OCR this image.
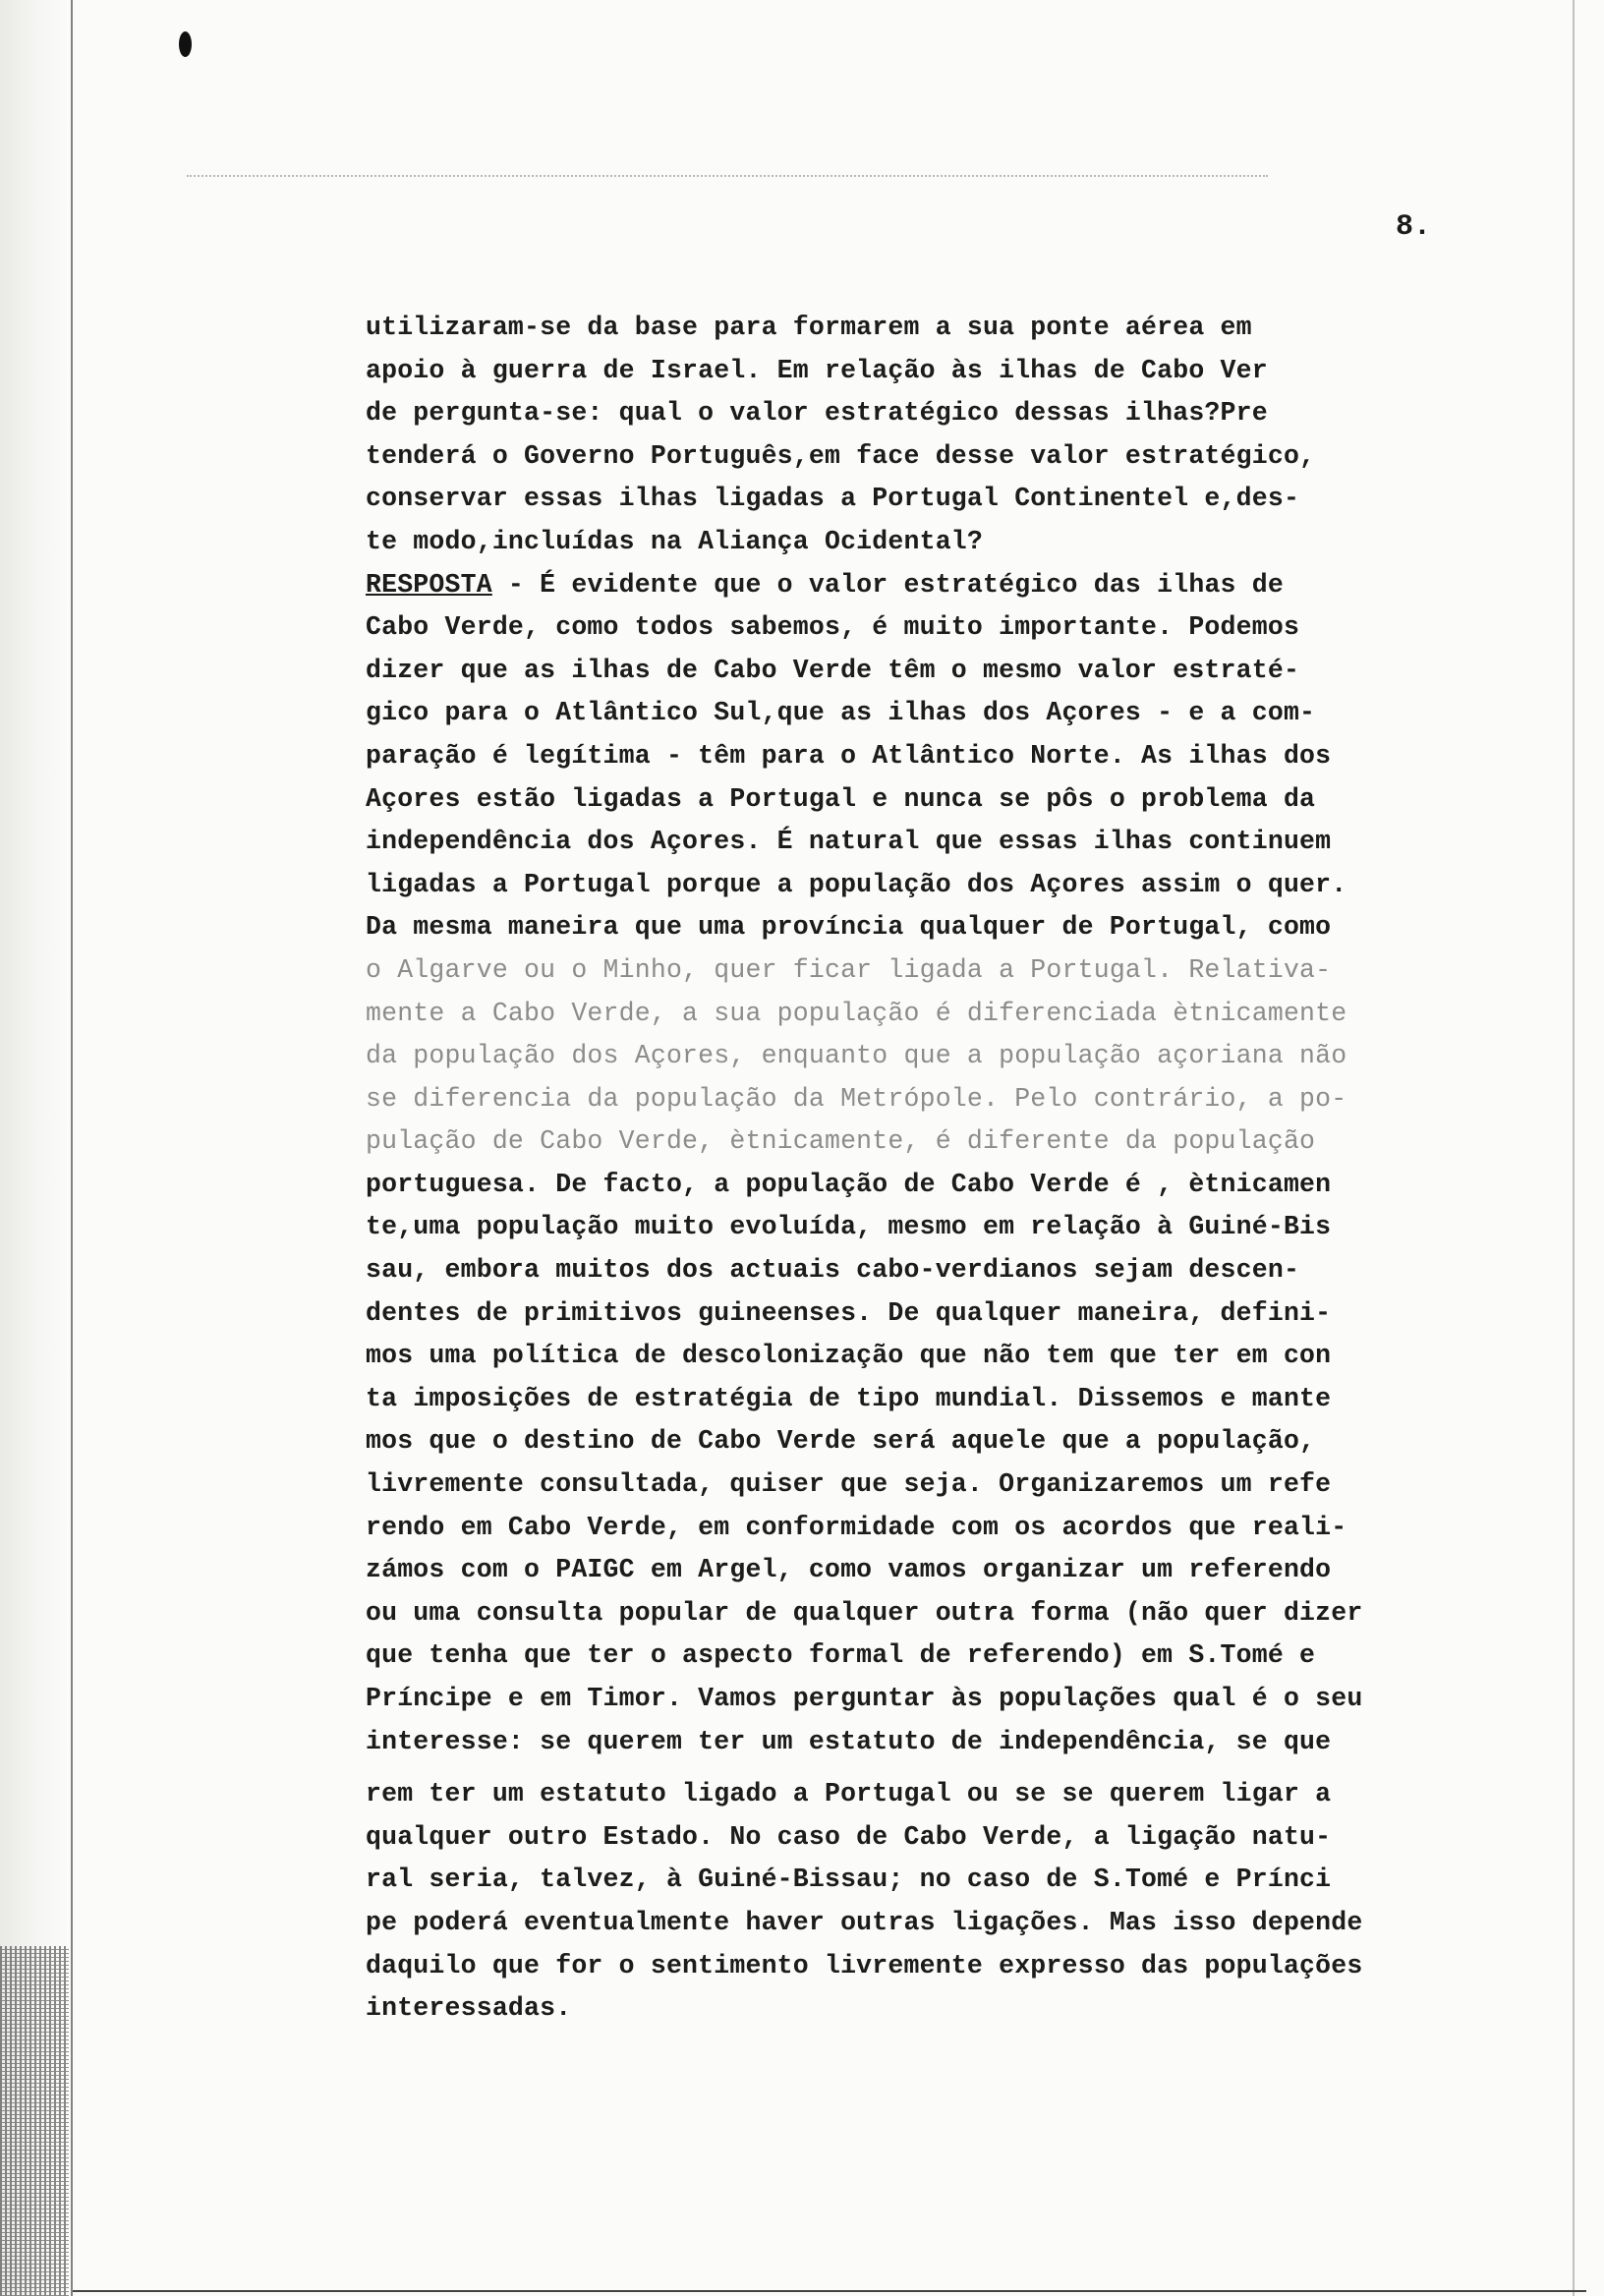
8.

utilizaram-se da base para formarem a sua ponte aérea em
apoio à guerra de Israel. Em relação às ilhas de Cabo Ver
de pergunta-se: qual o valor estratégico dessas ilhas?Pre
tenderá o Governo Português,em face desse valor estratégico,
conservar essas ilhas ligadas a Portugal Continentel e,des-
te modo,incluídas na Aliança Ocidental?
RESPOSTA - É evidente que o valor estratégico das ilhas de
Cabo Verde, como todos sabemos, é muito importante. Podemos
dizer que as ilhas de Cabo Verde têm o mesmo valor estraté-
gico para o Atlântico Sul,que as ilhas dos Açores - e a com-
paração é legítima - têm para o Atlântico Norte. As ilhas dos
Açores estão ligadas a Portugal e nunca se pôs o problema da
independência dos Açores. É natural que essas ilhas continuem
ligadas a Portugal porque a população dos Açores assim o quer.
Da mesma maneira que uma província qualquer de Portugal, como
o Algarve ou o Minho, quer ficar ligada a Portugal. Relativa-
mente a Cabo Verde, a sua população é diferenciada ètnicamente
da população dos Açores, enquanto que a população açoriana não
se diferencia da população da Metrópole. Pelo contrário, a po-
pulação de Cabo Verde, ètnicamente, é diferente da população
portuguesa. De facto, a população de Cabo Verde é , ètnicamen
te,uma população muito evoluída, mesmo em relação à Guiné-Bis
sau, embora muitos dos actuais cabo-verdianos sejam descen-
dentes de primitivos guineenses. De qualquer maneira, defini-
mos uma política de descolonização que não tem que ter em con
ta imposições de estratégia de tipo mundial. Dissemos e mante
mos que o destino de Cabo Verde será aquele que a população,
livremente consultada, quiser que seja. Organizaremos um refe
rendo em Cabo Verde, em conformidade com os acordos que reali-
zámos com o PAIGC em Argel, como vamos organizar um referendo
ou uma consulta popular de qualquer outra forma (não quer dizer
que tenha que ter o aspecto formal de referendo) em S.Tomé e
Príncipe e em Timor. Vamos perguntar às populações qual é o seu
interesse: se querem ter um estatuto de independência, se que
rem ter um estatuto ligado a Portugal ou se se querem ligar a
qualquer outro Estado. No caso de Cabo Verde, a ligação natu-
ral seria, talvez, à Guiné-Bissau; no caso de S.Tomé e Prínci
pe poderá eventualmente haver outras ligações. Mas isso depende
daquilo que for o sentimento livremente expresso das populações
interessadas.
